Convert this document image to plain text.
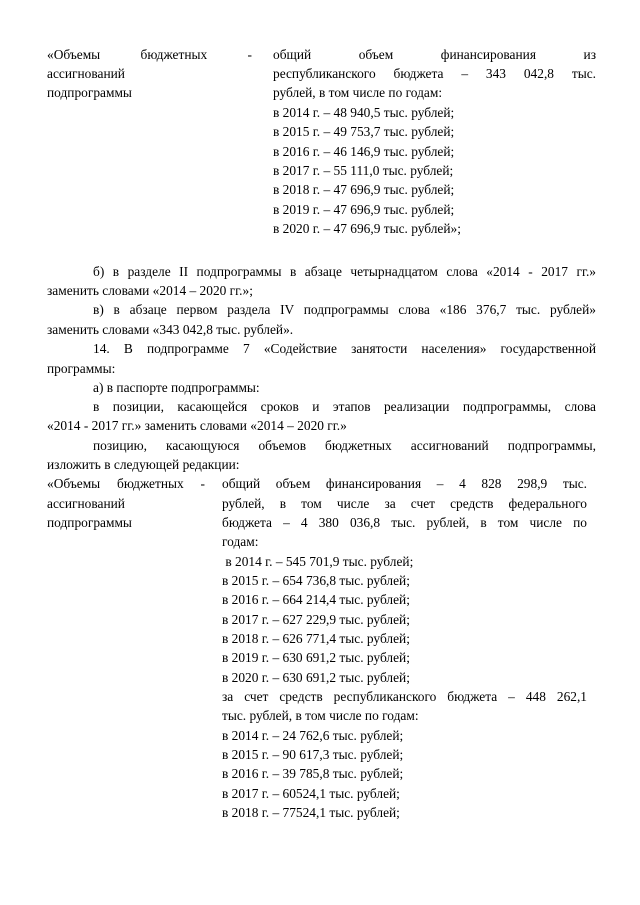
«Объемы бюджетных -
ассигнований
подпрограммы
общий объем финансирования из
республиканского бюджета – 343 042,8 тыс.
рублей, в том числе по годам:
в 2014 г. – 48 940,5 тыс. рублей;
в 2015 г. – 49 753,7 тыс. рублей;
в 2016 г. – 46 146,9 тыс. рублей;
в 2017 г. – 55 111,0 тыс. рублей;
в 2018 г. – 47 696,9 тыс. рублей;
в 2019 г. – 47 696,9 тыс. рублей;
в 2020 г. – 47 696,9 тыс. рублей»;
б) в разделе II подпрограммы в абзаце четырнадцатом слова «2014 - 2017 гг.»
заменить словами «2014 – 2020 гг.»;
в) в абзаце первом раздела IV подпрограммы слова «186 376,7 тыс. рублей»
заменить словами «343 042,8 тыс. рублей».
14. В подпрограмме 7 «Содействие занятости населения» государственной
программы:
а) в паспорте подпрограммы:
в позиции, касающейся сроков и этапов реализации подпрограммы, слова
«2014 - 2017 гг.» заменить словами «2014 – 2020 гг.»
позицию, касающуюся объемов бюджетных ассигнований подпрограммы,
изложить в следующей редакции:
«Объемы бюджетных -
ассигнований
подпрограммы
общий объем финансирования – 4 828 298,9 тыс.
рублей, в том числе за счет средств федерального
бюджета – 4 380 036,8 тыс. рублей, в том числе по
годам:
в 2014 г. – 545 701,9 тыс. рублей;
в 2015 г. – 654 736,8 тыс. рублей;
в 2016 г. – 664 214,4 тыс. рублей;
в 2017 г. – 627 229,9 тыс. рублей;
в 2018 г. – 626 771,4 тыс. рублей;
в 2019 г. – 630 691,2 тыс. рублей;
в 2020 г. – 630 691,2 тыс. рублей;
за счет средств республиканского бюджета – 448 262,1
тыс. рублей, в том числе по годам:
в 2014 г. – 24 762,6 тыс. рублей;
в 2015 г. – 90 617,3 тыс. рублей;
в 2016 г. – 39 785,8 тыс. рублей;
в 2017 г. – 60524,1 тыс. рублей;
в 2018 г. – 77524,1 тыс. рублей;
